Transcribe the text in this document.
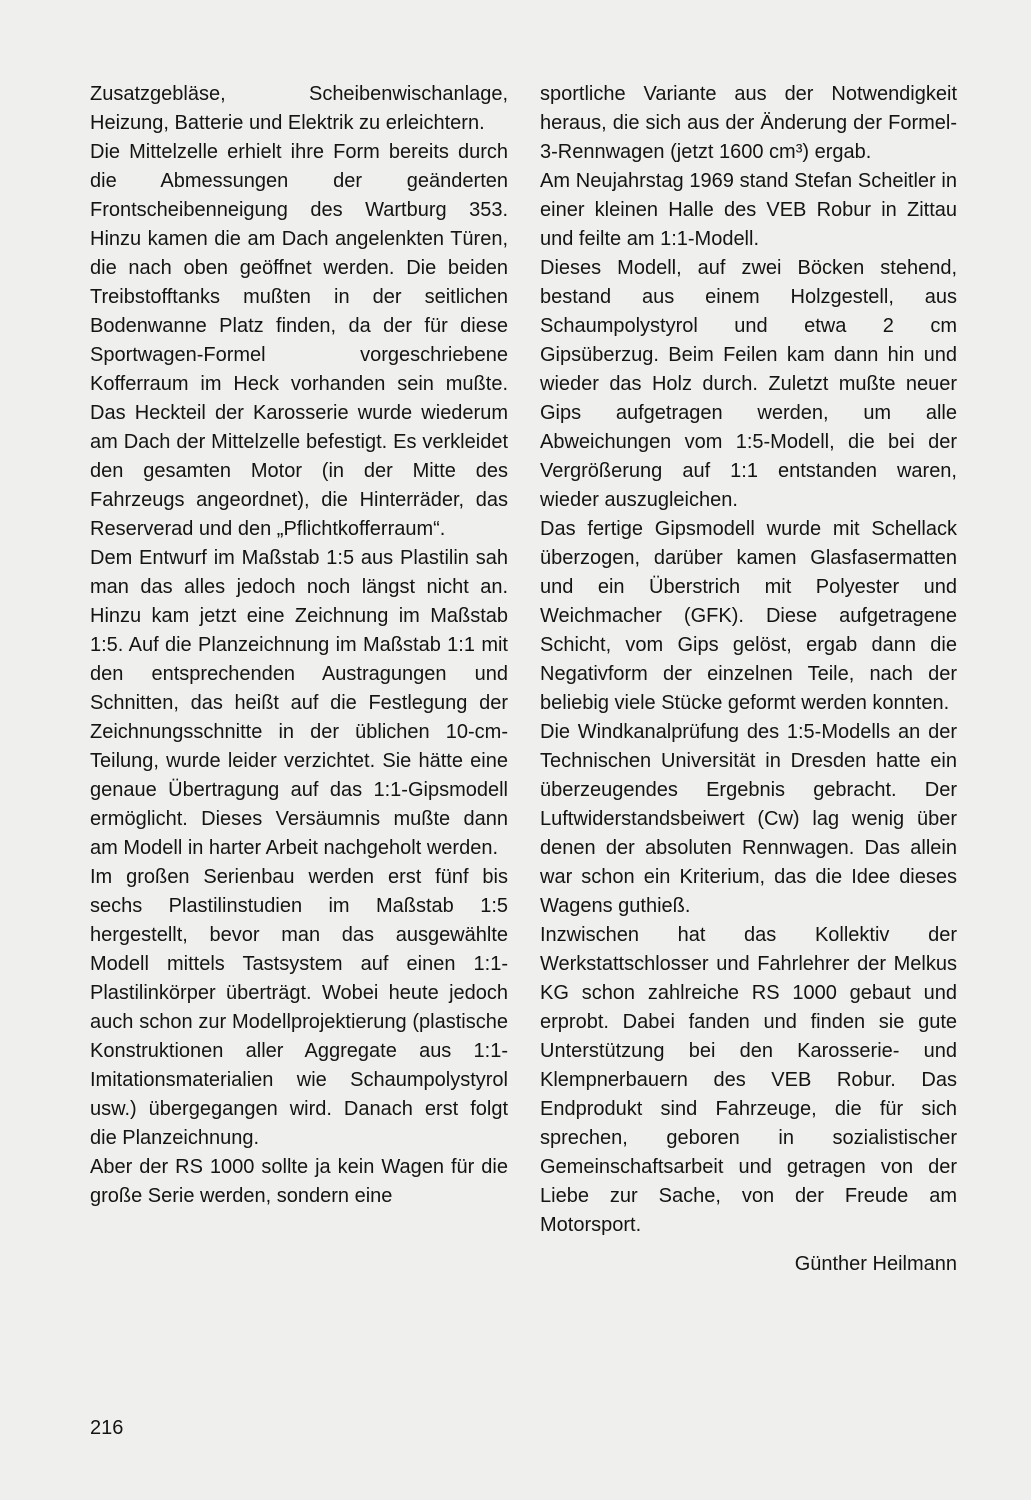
Zusatzgebläse, Scheibenwischanlage, Heizung, Batterie und Elektrik zu erleichtern.

Die Mittelzelle erhielt ihre Form bereits durch die Abmessungen der geänderten Frontscheibenneigung des Wartburg 353. Hinzu kamen die am Dach angelenkten Türen, die nach oben geöffnet werden. Die beiden Treibstofftanks mußten in der seitlichen Bodenwanne Platz finden, da der für diese Sportwagen-Formel vorgeschriebene Kofferraum im Heck vorhanden sein mußte. Das Heckteil der Karosserie wurde wiederum am Dach der Mittelzelle befestigt. Es verkleidet den gesamten Motor (in der Mitte des Fahrzeugs angeordnet), die Hinterräder, das Reserverad und den „Pflichtkofferraum“.

Dem Entwurf im Maßstab 1:5 aus Plastilin sah man das alles jedoch noch längst nicht an. Hinzu kam jetzt eine Zeichnung im Maßstab 1:5. Auf die Planzeichnung im Maßstab 1:1 mit den entsprechenden Austragungen und Schnitten, das heißt auf die Festlegung der Zeichnungsschnitte in der üblichen 10-cm-Teilung, wurde leider verzichtet. Sie hätte eine genaue Übertragung auf das 1:1-Gipsmodell ermöglicht. Dieses Versäumnis mußte dann am Modell in harter Arbeit nachgeholt werden.

Im großen Serienbau werden erst fünf bis sechs Plastilinstudien im Maßstab 1:5 hergestellt, bevor man das ausgewählte Modell mittels Tastsystem auf einen 1:1-Plastilinkörper überträgt. Wobei heute jedoch auch schon zur Modellprojektierung (plastische Konstruktionen aller Aggregate aus 1:1-Imitationsmaterialien wie Schaumpolystyrol usw.) übergegangen wird. Danach erst folgt die Planzeichnung.

Aber der RS 1000 sollte ja kein Wagen für die große Serie werden, sondern eine

sportliche Variante aus der Notwendigkeit heraus, die sich aus der Änderung der Formel-3-Rennwagen (jetzt 1600 cm³) ergab.

Am Neujahrstag 1969 stand Stefan Scheitler in einer kleinen Halle des VEB Robur in Zittau und feilte am 1:1-Modell.

Dieses Modell, auf zwei Böcken stehend, bestand aus einem Holzgestell, aus Schaumpolystyrol und etwa 2 cm Gipsüberzug. Beim Feilen kam dann hin und wieder das Holz durch. Zuletzt mußte neuer Gips aufgetragen werden, um alle Abweichungen vom 1:5-Modell, die bei der Vergrößerung auf 1:1 entstanden waren, wieder auszugleichen.

Das fertige Gipsmodell wurde mit Schellack überzogen, darüber kamen Glasfasermatten und ein Überstrich mit Polyester und Weichmacher (GFK). Diese aufgetragene Schicht, vom Gips gelöst, ergab dann die Negativform der einzelnen Teile, nach der beliebig viele Stücke geformt werden konnten.

Die Windkanalprüfung des 1:5-Modells an der Technischen Universität in Dresden hatte ein überzeugendes Ergebnis gebracht. Der Luftwiderstandsbeiwert (Cw) lag wenig über denen der absoluten Rennwagen. Das allein war schon ein Kriterium, das die Idee dieses Wagens guthieß.

Inzwischen hat das Kollektiv der Werkstattschlosser und Fahrlehrer der Melkus KG schon zahlreiche RS 1000 gebaut und erprobt. Dabei fanden und finden sie gute Unterstützung bei den Karosserie- und Klempnerbauern des VEB Robur. Das Endprodukt sind Fahrzeuge, die für sich sprechen, geboren in sozialistischer Gemeinschaftsarbeit und getragen von der Liebe zur Sache, von der Freude am Motorsport.

Günther Heilmann
216
